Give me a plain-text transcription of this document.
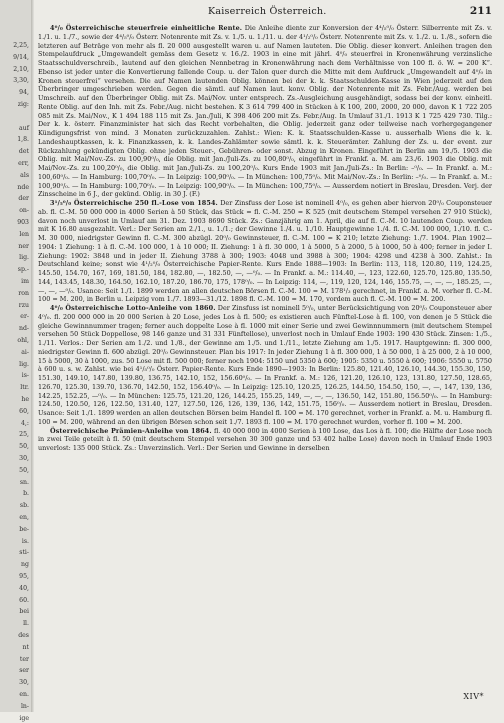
2,25,
9/14,
2,10,
3,30,
94,
zig:
auf
1,8.
det
err,
als
nde
der
on-
903
len
ner
lig.
sp.-
im
ron
rzu
er-
nd-
ohl,
ai-
lig.
is-
ltr.
he
60,
4,:
25,
50,
30,
50,
sn.
b.
sb.
en,
be-
is.
sti-
ng
95,
40,
60.
bei
ll.
des
nt
ter
ser
30,
en.
ln-
ige
Kaiserreich Österreich.	211

4⁰/₀ Österreichische steuerfreie einheitliche Rente. Die Anleihe diente zur Konversion der 4⁴/₅⁰/₀ Österr. Silberrente mit Zs. v. 1./1. u. 1./7., sowie der 4⁴/₅⁰/₀ Österr. Notenrente mit Zs. v. 1./5. u. 1./11. u. der 4¹/₂⁰/₀ Österr. Notenrente mit Zs. v. 1./2. u. 1./8., sofern die letzteren auf Beträge von mehr als fl. 20 000 ausgestellt waren u. auf Namen lauteten. Die Oblig. dieser konvert. Anleihen tragen den Stempelaufdruck „Umgewandelt gemäss dem Gesetz v. 16./2. 1903 in eine mit jährl. 4⁰/₀ steuerfrei in Kronenwährung verzinsliche Staatsschuldverschreib., lautend auf den gleichen Nennbetrag in Kronenwährung nach dem Verhältnisse von 100 fl. ö. W. = 200 K“. Ebenso ist jeder unter die Konvertierung fallende Coup. u. der Talon quer durch die Mitte mit dem Aufdruck „Umgewandelt auf 4⁰/₀ in Kronen steuerfrei“ versehen. Die auf Namen lautenden Oblig. können bei der k. k. Staatsschulden-Kasse in Wien jederzeit auf den Überbringer umgeschrieben werden. Gegen die sämtl. auf Namen laut. konv. Oblig. der Notenrente mit Zs. Febr./Aug. werden bei Umschreib. auf den Überbringer Oblig. mit Zs. Mai/Nov. unter entsprech. Zs.-Ausgleichung ausgehändigt, sodass bei der konv. einheitl. Rente Oblig. auf den Inh. mit Zs. Febr./Aug. nicht bestehen. K 3 614 799 400 in Stücken à K 100, 200, 2000, 20 000, davon K 1 722 205 085 mit Zs. Mai/Nov., K 1 494 188 115 mit Zs. Jan./Juli, K 398 406 200 mit Zs. Febr./Aug. In Umlauf 31./1. 1913 K 1 725 429 730. Tilg.: Der k. k. österr. Finanzminister hat sich das Recht vorbehalten, die Oblig. jederzeit ganz oder teilweise nach vorhergegangener Kündigungsfrist von mind. 3 Monaten zurückzuzahlen. Zahlst.: Wien: K. k. Staatsschulden-Kasse u. ausserhalb Wiens die k. k. Landeshauptkassen, k. k. Finanzkassen, k. k. Landes-Zahlämter sowie sämtl. k. k. Steuerämter. Zahlung der Zs. u. der event. zur Rückzahlung gekündigten Oblig. ohne jeden Steuer-, Gebühren- oder sonst. Abzug in Kronen. Eingeführt in Berlin am 19./5. 1903 die Oblig. mit Mai/Nov.-Zs. zu 100,90⁰/₀, die Oblig. mit Jan./Juli-Zs. zu 100,80⁰/₀, eingeführt in Frankf. a. M. am 23./6. 1903 die Oblig. mit Mai/Nov.-Zs. zu 100,20⁰/₀, die Oblig. mit Jan./Juli-Zs. zu 100,20⁰/₀. Kurs Ende 1903 mit Jan./Juli-Zs.: In Berlin: –⁰/₀. — In Frankf. a. M.: 100,60⁰/₀. — In Hamburg: 100,70⁰/₀. — In Leipzig: 100,90⁰/₀. — In München: 100,75⁰/₀. Mit Mai/Nov.-Zs.: In Berlin: –⁰/₀. — In Frankf. a. M.: 100,90⁰/₀. — In Hamburg: 100,70⁰/₀. — In Leipzig: 100,90⁰/₀. — In München: 100,75⁰/₀. — Ausserdem notiert in Breslau, Dresden. Verj. der Zinsscheine in 6 J., der gekünd. Oblig. in 30 J. (F.)

3¹/₅⁰/₀ Österreichische 250 fl.-Lose von 1854. Der Zinsfuss der Lose ist nominell 4⁰/₀, es gehen aber hiervon 20⁰/₀ Couponsteuer ab. fl. C.-M. 50 000 000 in 4000 Serien à 50 Stück, das Stück = fl. C.-M. 250 = K 525 (mit deutschem Stempel versehen 27 910 Stück), davon noch unverlost in Umlauf am 31. Dez. 1903 8690 Stück. Zs.: Ganzjährig am 1. April, die auf fl. C.-M. 10 lautenden Coup. werden mit K 16.80 ausgezahlt. Verl.: Der Serien am 2./1., u. 1./1.; der Gewinne 1./4. u. 1./10. Hauptgewinne 1./4. fl. C.-M. 100 000, 1./10. fl. C.-M. 30 000, niedrigster Gewinn fl. C.-M. 300 abzügl. 20⁰/₀ Gewinnsteuer, fl. C.-M. 100 = K 210; letzte Ziehung: 1./7. 1904. Plan 1902—1904: 1 Ziehung: 1 à fl. C.-M. 100 000, 1 à 10 000; II. Ziehung: 1 à fl. 30 000, 1 à 5000, 5 à 2000, 5 à 1000, 50 à 400; ferner in jeder I. Ziehung: 1902: 3848 und in jeder II. Ziehung 3788 à 300; 1903: 4048 und 3988 à 300; 1904: 4298 und 4238 à 300. Zahlst.: In Deutschland keine; sonst wie 4¹/₂⁰/₀ Österreichische Papier-Rente. Kurs Ende 1888—1903: In Berlin: 113, 118, 120.80, 119, 124.25, 145.50, 154.70, 167, 169, 181.50, 184, 182.80, —, 182.50, —, —⁰/₀. — In Frankf. a. M.: 114.40, —, 123, 122.60, 125.70, 125.80, 135.50, 144, 143.45, 148.30, 164.50, 162.10, 187.20, 186.70, 175, 178⁰/₀. — In Leipzig: 114, —, 119, 120, 124, 146, 155.75, —, —, —, 185.25, —, —, —, —⁰/₀. Usance: Seit 1./1. 1899 werden an allen deutschen Börsen fl. C.-M. 100 = M. 178¹/₃ gerechnet, in Frankf. a. M. vorher fl. C.-M. 100 = M. 200, in Berlin u. Leipzig vom 1./7. 1893—31./12. 1898 fl. C.-M. 100 = M. 170, vordem auch fl. C.-M. 100 = M. 200.

4⁰/₀ Österreichische Lotto-Anleihe von 1860. Der Zinsfuss ist nominell 5⁰/₀, unter Berücksichtigung von 20⁰/₀ Couponsteuer aber 4⁰/₀. fl. 200 000 000 in 20 000 Serien à 20 Lose, jedes Los à fl. 500; es existieren auch Fünftel-Lose à fl. 100, von denen je 5 Stück die gleiche Gewinnnummer tragen; ferner auch doppelte Lose à fl. 1000 mit einer Serie und zwei Gewinnnummern (mit deutschem Stempel versehen 50 Stück Doppellose, 98 146 ganze und 31 331 Fünftellose), unverlost noch in Umlauf Ende 1903: 190 430 Stück. Zinsen: 1./5., 1./11. Verlos.: Der Serien am 1./2. und 1./8., der Gewinne am 1./5. und 1./11., letzte Ziehung am 1./5. 1917. Hauptgewinn: fl. 300 000, niedrigster Gewinn fl. 600 abzügl. 20⁰/₀ Gewinnsteuer. Plan bis 1917: In jeder Ziehung 1 à fl. 300 000, 1 à 50 000, 1 à 25 000, 2 à 10 000, 15 à 5000, 30 à 1000, zus. 50 Lose mit fl. 500 000; ferner noch 1904: 5150 und 5350 à 600; 1905: 5350 u. 5550 à 600; 1906: 5550 u. 5750 à 600 u. s. w. Zahlst. wie bei 4¹/₅⁰/₀ Österr. Papier-Rente. Kurs Ende 1890—1903: In Berlin: 125.80, 121.40, 126.10, 144.30, 155.30, 150, 151.30, 149.10, 147.80, 139.80, 136.75, 142.10, 152, 156.60⁰/₀. — In Frankf. a. M.: 126, 121.20, 126.10, 123, 131.80, 127.50, 128.65, 126.70, 125.30, 139.70, 136.70, 142.50, 152, 156.40⁰/₀. — In Leipzig: 125.10, 120.25, 126.25, 144.50, 154.50, 150, —, —, 147, 139, 136, 142.25, 152.25, —⁰/₀. — In München: 125.75, 121.20, 126, 144.25, 155.25, 149, —, —, —, 136.50, 142, 151.80, 156.50⁰/₀. — In Hamburg: 124.50, 120.50, 126, 122.50, 131.40, 127, 127.50, 126, 126, 139, 136, 142, 151.75, 156⁰/₀. — Ausserdem notiert in Breslau, Dresden. Usance: Seit 1./1. 1899 werden an allen deutschen Börsen beim Handel fl. 100 = M. 170 gerechnet, vorher in Frankf. a. M. u. Hamburg fl. 100 = M. 200, während an den übrigen Börsen schon seit 1./7. 1893 fl. 100 = M. 170 gerechnet wurden, vorher fl. 100 = M. 200.

Österreichische Prämien-Anleihe von 1864. fl. 40 000 000 in 4000 Serien à 100 Lose, das Los à fl. 100; die Hälfte der Lose noch in zwei Teile geteilt à fl. 50 (mit deutschem Stempel versehen 30 300 ganze und 53 402 halbe Lose) davon noch in Umlauf Ende 1903 unverlost: 135 000 Stück. Zs.: Unverzinslich. Verl.: Der Serien und Gewinne in derselben

XIV*
